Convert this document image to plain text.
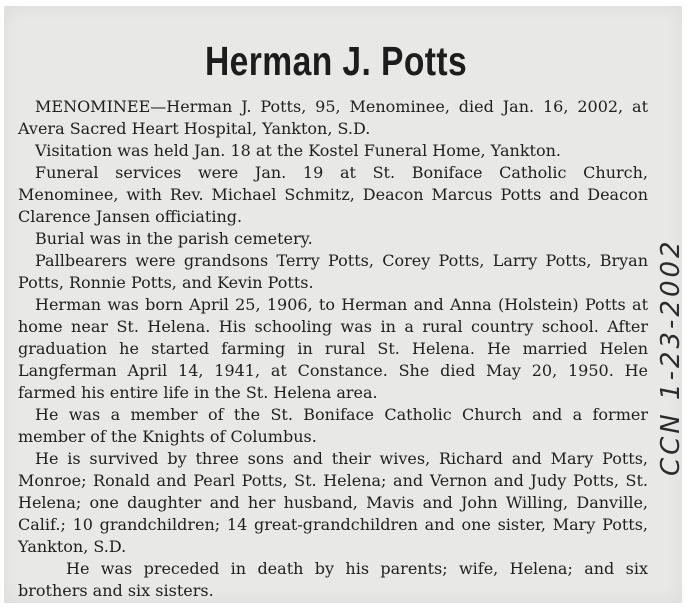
Herman J. Potts

MENOMINEE—Herman J. Potts, 95, Menominee, died Jan. 16, 2002, at Avera Sacred Heart Hospital, Yankton, S.D.

Visitation was held Jan. 18 at the Kostel Funeral Home, Yankton.

Funeral services were Jan. 19 at St. Boniface Catholic Church, Menominee, with Rev. Michael Schmitz, Deacon Marcus Potts and Deacon Clarence Jansen officiating.

Burial was in the parish cemetery.

Pallbearers were grandsons Terry Potts, Corey Potts, Larry Potts, Bryan Potts, Ronnie Potts, and Kevin Potts.

Herman was born April 25, 1906, to Herman and Anna (Holstein) Potts at home near St. Helena. His schooling was in a rural country school. After graduation he started farming in rural St. Helena. He married Helen Langferman April 14, 1941, at Constance. She died May 20, 1950. He farmed his entire life in the St. Helena area.

He was a member of the St. Boniface Catholic Church and a former member of the Knights of Columbus.

He is survived by three sons and their wives, Richard and Mary Potts, Monroe; Ronald and Pearl Potts, St. Helena; and Vernon and Judy Potts, St. Helena; one daughter and her husband, Mavis and John Willing, Danville, Calif.; 10 grandchildren; 14 great-grandchildren and one sister, Mary Potts, Yankton, S.D.

He was preceded in death by his parents; wife, Helena; and six brothers and six sisters.

CCN 1-23-2002
